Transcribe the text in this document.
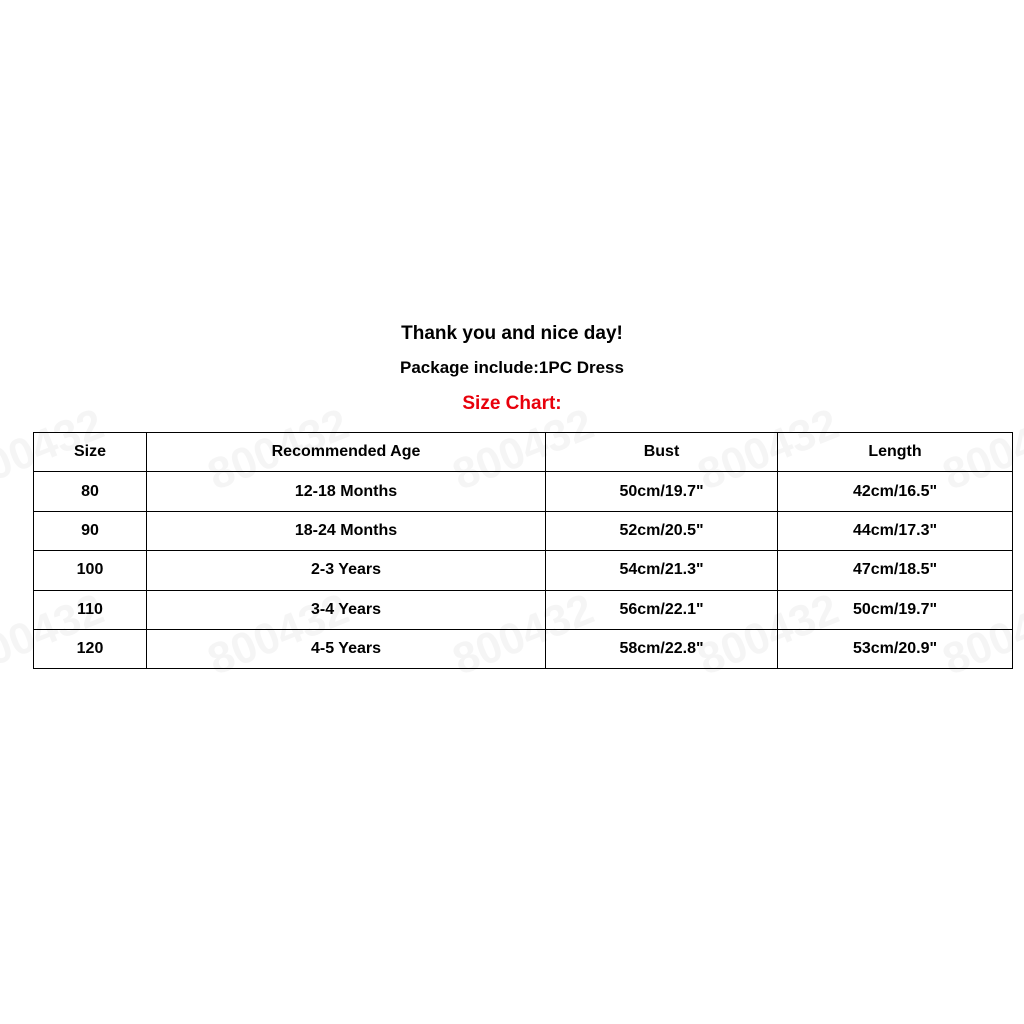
Thank you and nice day!
Package include:1PC Dress
Size Chart:
Size	Recommended Age	Bust	Length
80	12-18 Months	50cm/19.7"	42cm/16.5"
90	18-24 Months	52cm/20.5"	44cm/17.3"
100	2-3 Years	54cm/21.3"	47cm/18.5"
110	3-4 Years	56cm/22.1"	50cm/19.7"
120	4-5 Years	58cm/22.8"	53cm/20.9"
